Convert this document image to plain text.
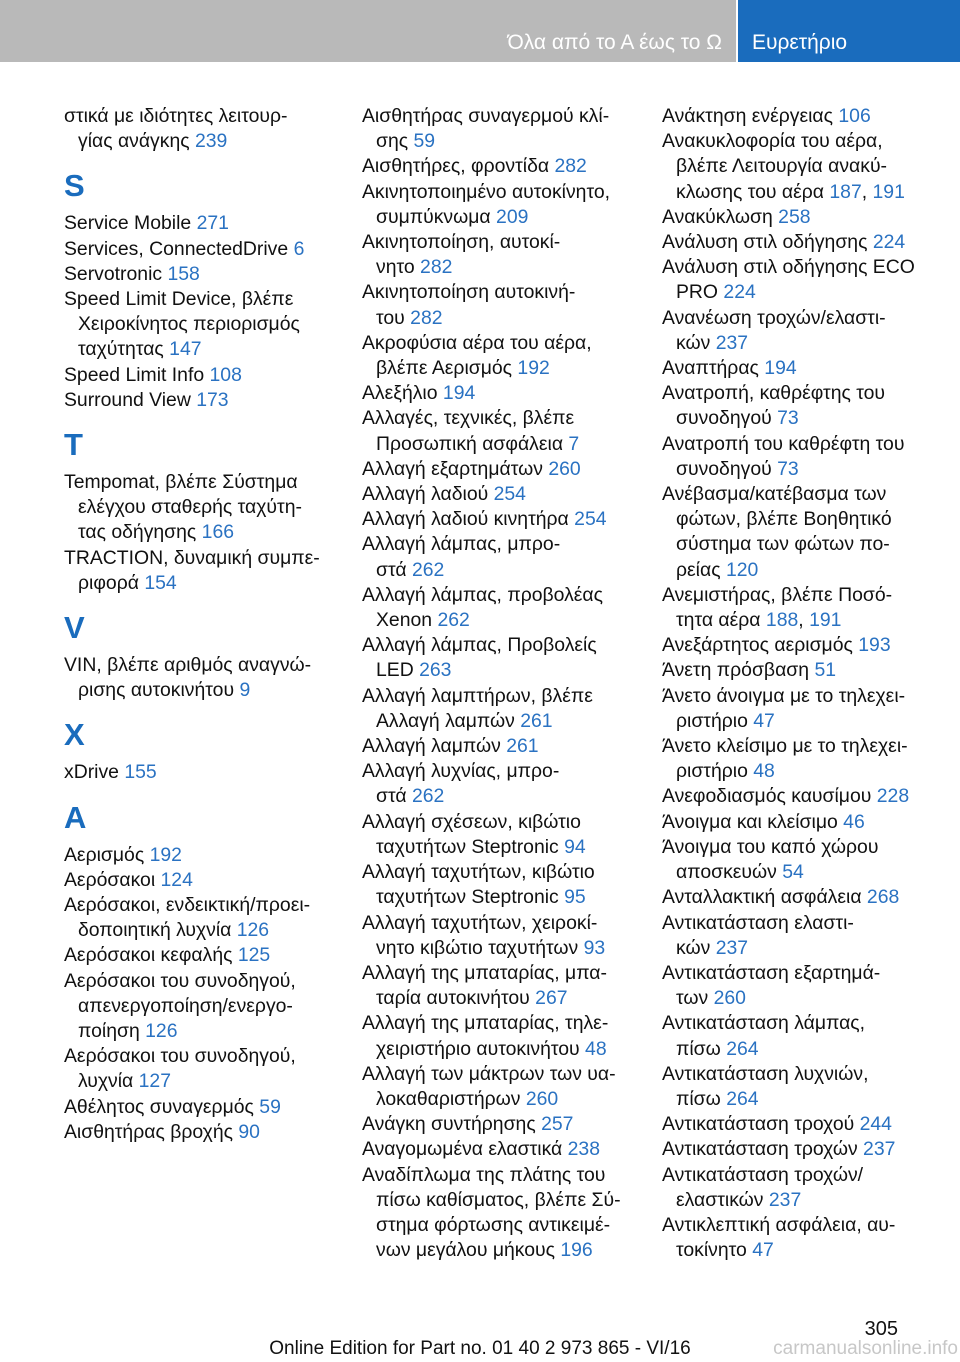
Όλα από το Α έως το Ω Ευρετήριο
στικά με ιδιότητες λειτουρ-
γίας ανάγκης 239
S
Service Mobile 271
Services, ConnectedDrive 6
Servotronic 158
Speed Limit Device, βλέπε
Χειροκίνητος περιορισμός
ταχύτητας 147
Speed Limit Info 108
Surround View 173
T
Tempomat, βλέπε Σύστημα
ελέγχου σταθερής ταχύτη-
τας οδήγησης 166
TRACTION, δυναμική συμπε-
ριφορά 154
V
VIN, βλέπε αριθμός αναγνώ-
ρισης αυτοκινήτου 9
X
xDrive 155
A
Αερισμός 192
Αερόσακοι 124
Αερόσακοι, ενδεικτική/προει-
δοποιητική λυχνία 126
Αερόσακοι κεφαλής 125
Αερόσακοι του συνοδηγού,
απενεργοποίηση/ενεργο-
ποίηση 126
Αερόσακοι του συνοδηγού,
λυχνία 127
Αθέλητος συναγερμός 59
Αισθητήρας βροχής 90
Αισθητήρας συναγερμού κλί-
σης 59
Αισθητήρες, φροντίδα 282
Ακινητοποιημένο αυτοκίνητο,
συμπύκνωμα 209
Ακινητοποίηση, αυτοκί-
νητο 282
Ακινητοποίηση αυτοκινή-
του 282
Ακροφύσια αέρα του αέρα,
βλέπε Αερισμός 192
Αλεξήλιο 194
Αλλαγές, τεχνικές, βλέπε
Προσωπική ασφάλεια 7
Αλλαγή εξαρτημάτων 260
Αλλαγή λαδιού 254
Αλλαγή λαδιού κινητήρα 254
Αλλαγή λάμπας, μπρο-
στά 262
Αλλαγή λάμπας, προβολέας
Xenon 262
Αλλαγή λάμπας, Προβολείς
LED 263
Αλλαγή λαμπτήρων, βλέπε
Αλλαγή λαμπών 261
Αλλαγή λαμπών 261
Αλλαγή λυχνίας, μπρο-
στά 262
Αλλαγή σχέσεων, κιβώτιο
ταχυτήτων Steptronic 94
Αλλαγή ταχυτήτων, κιβώτιο
ταχυτήτων Steptronic 95
Αλλαγή ταχυτήτων, χειροκί-
νητο κιβώτιο ταχυτήτων 93
Αλλαγή της μπαταρίας, μπα-
ταρία αυτοκινήτου 267
Αλλαγή της μπαταρίας, τηλε-
χειριστήριο αυτοκινήτου 48
Αλλαγή των μάκτρων των υα-
λοκαθαριστήρων 260
Ανάγκη συντήρησης 257
Αναγομωμένα ελαστικά 238
Αναδίπλωμα της πλάτης του
πίσω καθίσματος, βλέπε Σύ-
στημα φόρτωσης αντικειμέ-
νων μεγάλου μήκους 196
Ανάκτηση ενέργειας 106
Ανακυκλοφορία του αέρα,
βλέπε Λειτουργία ανακύ-
κλωσης του αέρα 187, 191
Ανακύκλωση 258
Ανάλυση στιλ οδήγησης 224
Ανάλυση στιλ οδήγησης ECO
PRO 224
Ανανέωση τροχών/ελαστι-
κών 237
Αναπτήρας 194
Ανατροπή, καθρέφτης του
συνοδηγού 73
Ανατροπή του καθρέφτη του
συνοδηγού 73
Ανέβασμα/κατέβασμα των
φώτων, βλέπε Βοηθητικό
σύστημα των φώτων πο-
ρείας 120
Ανεμιστήρας, βλέπε Ποσό-
τητα αέρα 188, 191
Ανεξάρτητος αερισμός 193
Άνετη πρόσβαση 51
Άνετο άνοιγμα με το τηλεχει-
ριστήριο 47
Άνετο κλείσιμο με το τηλεχει-
ριστήριο 48
Ανεφοδιασμός καυσίμου 228
Άνοιγμα και κλείσιμο 46
Άνοιγμα του καπό χώρου
αποσκευών 54
Ανταλλακτική ασφάλεια 268
Αντικατάσταση ελαστι-
κών 237
Αντικατάσταση εξαρτημά-
των 260
Αντικατάσταση λάμπας,
πίσω 264
Αντικατάσταση λυχνιών,
πίσω 264
Αντικατάσταση τροχού 244
Αντικατάσταση τροχών 237
Αντικατάσταση τροχών/
ελαστικών 237
Αντικλεπτική ασφάλεια, αυ-
τοκίνητο 47
305
Online Edition for Part no. 01 40 2 973 865 - VI/16	carmanualsonline.info
